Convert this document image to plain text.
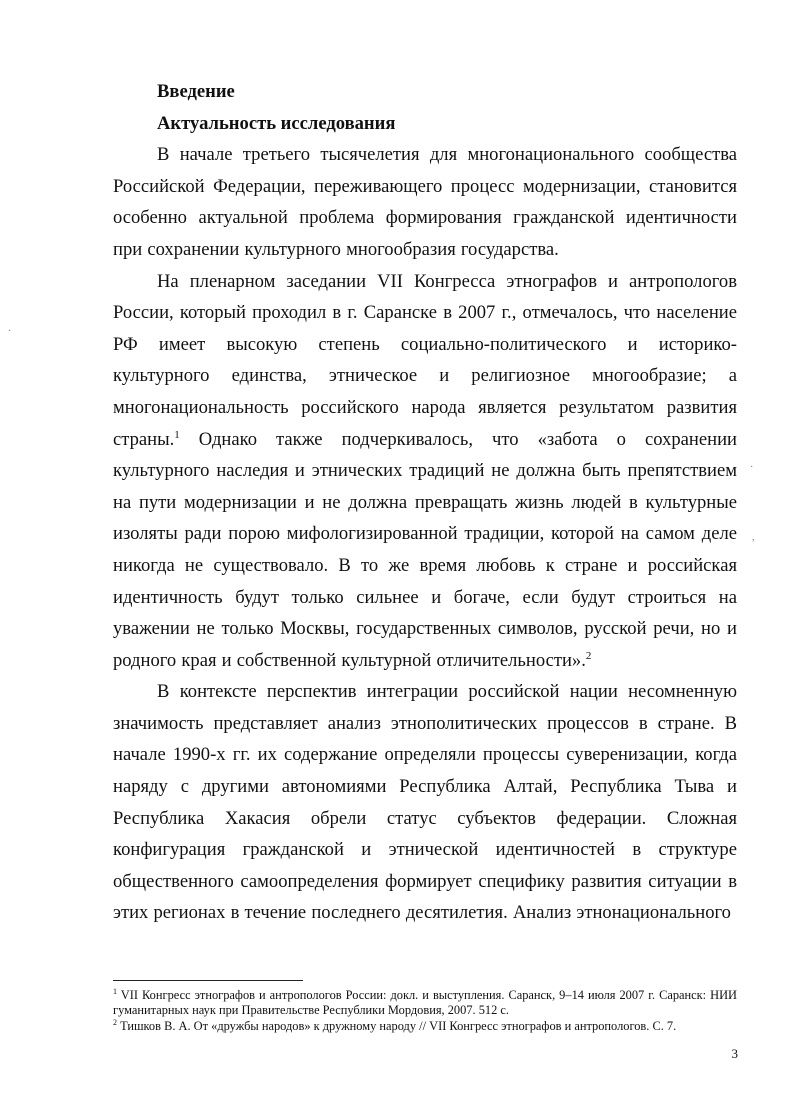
Введение

Актуальность исследования

В начале третьего тысячелетия для многонационального сообщества Российской Федерации, переживающего процесс модернизации, становится особенно актуальной проблема формирования гражданской идентичности при сохранении культурного многообразия государства.

На пленарном заседании VII Конгресса этнографов и антропологов России, который проходил в г. Саранске в 2007 г., отмечалось, что население РФ имеет высокую степень социально-политического и историко-культурного единства, этническое и религиозное многообразие; а многонациональность российского народа является результатом развития страны.$^1$ Однако также подчеркивалось, что «забота о сохранении культурного наследия и этнических традиций не должна быть препятствием на пути модернизации и не должна превращать жизнь людей в культурные изоляты ради порою мифологизированной традиции, которой на самом деле никогда не существовало. В то же время любовь к стране и российская идентичность будут только сильнее и богаче, если будут строиться на уважении не только Москвы, государственных символов, русской речи, но и родного края и собственной культурной отличительности».$^2$

В контексте перспектив интеграции российской нации несомненную значимость представляет анализ этнополитических процессов в стране. В начале 1990-х гг. их содержание определяли процессы суверенизации, когда наряду с другими автономиями Республика Алтай, Республика Тыва и Республика Хакасия обрели статус субъектов федерации. Сложная конфигурация гражданской и этнической идентичностей в структуре общественного самоопределения формирует специфику развития ситуации в этих регионах в течение последнего десятилетия. Анализ этнонационального

$^1$ VII Конгресс этнографов и антропологов России: докл. и выступления. Саранск, 9–14 июля 2007 г. Саранск: НИИ гуманитарных наук при Правительстве Республики Мордовия, 2007. 512 с.

$^2$ Тишков В. А. От «дружбы народов» к дружному народу // VII Конгресс этнографов и антропологов. С. 7.

3
·
·
,
